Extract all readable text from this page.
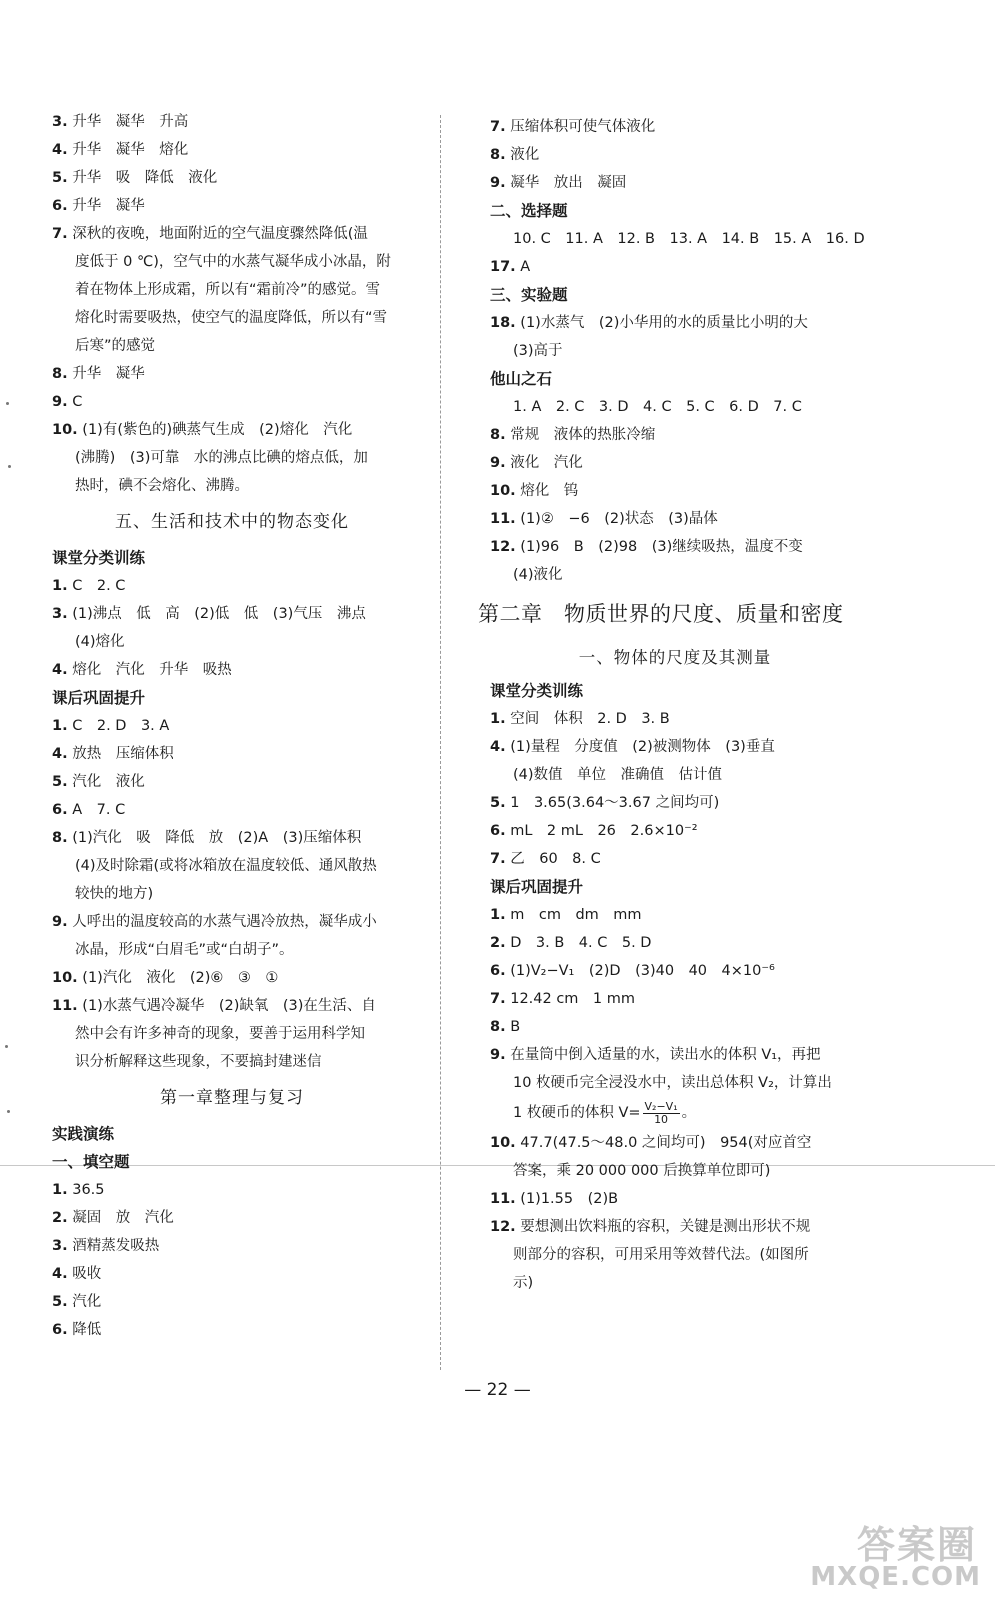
3. 升华　凝华　升高
4. 升华　凝华　熔化
5. 升华　吸　降低　液化
6. 升华　凝华
7. 深秋的夜晚，地面附近的空气温度骤然降低(温
度低于 0 ℃)，空气中的水蒸气凝华成小冰晶，附
着在物体上形成霜，所以有“霜前冷”的感觉。雪
熔化时需要吸热，使空气的温度降低，所以有“雪
后寒”的感觉
8. 升华　凝华
9. C
10. (1)有(紫色的)碘蒸气生成　(2)熔化　汽化
(沸腾)　(3)可靠　水的沸点比碘的熔点低，加
热时，碘不会熔化、沸腾。
五、生活和技术中的物态变化
课堂分类训练
1. C　2. C
3. (1)沸点　低　高　(2)低　低　(3)气压　沸点
(4)熔化
4. 熔化　汽化　升华　吸热
课后巩固提升
1. C　2. D　3. A
4. 放热　压缩体积
5. 汽化　液化
6. A　7. C
8. (1)汽化　吸　降低　放　(2)A　(3)压缩体积
(4)及时除霜(或将冰箱放在温度较低、通风散热
较快的地方)
9. 人呼出的温度较高的水蒸气遇冷放热，凝华成小
冰晶，形成“白眉毛”或“白胡子”。
10. (1)汽化　液化　(2)⑥　③　①
11. (1)水蒸气遇冷凝华　(2)缺氧　(3)在生活、自
然中会有许多神奇的现象，要善于运用科学知
识分析解释这些现象，不要搞封建迷信
第一章整理与复习
实践演练
一、填空题
1. 36.5
2. 凝固　放　汽化
3. 酒精蒸发吸热
4. 吸收
5. 汽化
6. 降低
7. 压缩体积可使气体液化
8. 液化
9. 凝华　放出　凝固
二、选择题
10. C　11. A　12. B　13. A　14. B　15. A　16. D
17. A
三、实验题
18. (1)水蒸气　(2)小华用的水的质量比小明的大
(3)高于
他山之石
1. A　2. C　3. D　4. C　5. C　6. D　7. C
8. 常规　液体的热胀冷缩
9. 液化　汽化
10. 熔化　钨
11. (1)②　−6　(2)状态　(3)晶体
12. (1)96　B　(2)98　(3)继续吸热，温度不变
(4)液化
第二章　物质世界的尺度、质量和密度
一、物体的尺度及其测量
课堂分类训练
1. 空间　体积　2. D　3. B
4. (1)量程　分度值　(2)被测物体　(3)垂直
(4)数值　单位　准确值　估计值
5. 1　3.65(3.64～3.67 之间均可)
6. mL　2 mL　26　2.6×10⁻²
7. 乙　60　8. C
课后巩固提升
1. m　cm　dm　mm
2. D　3. B　4. C　5. D
6. (1)V₂−V₁　(2)D　(3)40　40　4×10⁻⁶
7. 12.42 cm　1 mm
8. B
9. 在量筒中倒入适量的水，读出水的体积 V₁，再把
10 枚硬币完全浸没水中，读出总体积 V₂，计算出
1 枚硬币的体积 $V= \frac{\text{V₂−V₁}}{10}$ 。
10. 47.7(47.5～48.0 之间均可)　954(对应首空
答案，乘 20 000 000 后换算单位即可)
11. (1)1.55　(2)B
12. 要想测出饮料瓶的容积，关键是测出形状不规
则部分的容积，可用采用等效替代法。(如图所
示)
— 22 —
答案圈
MXQE.COM
